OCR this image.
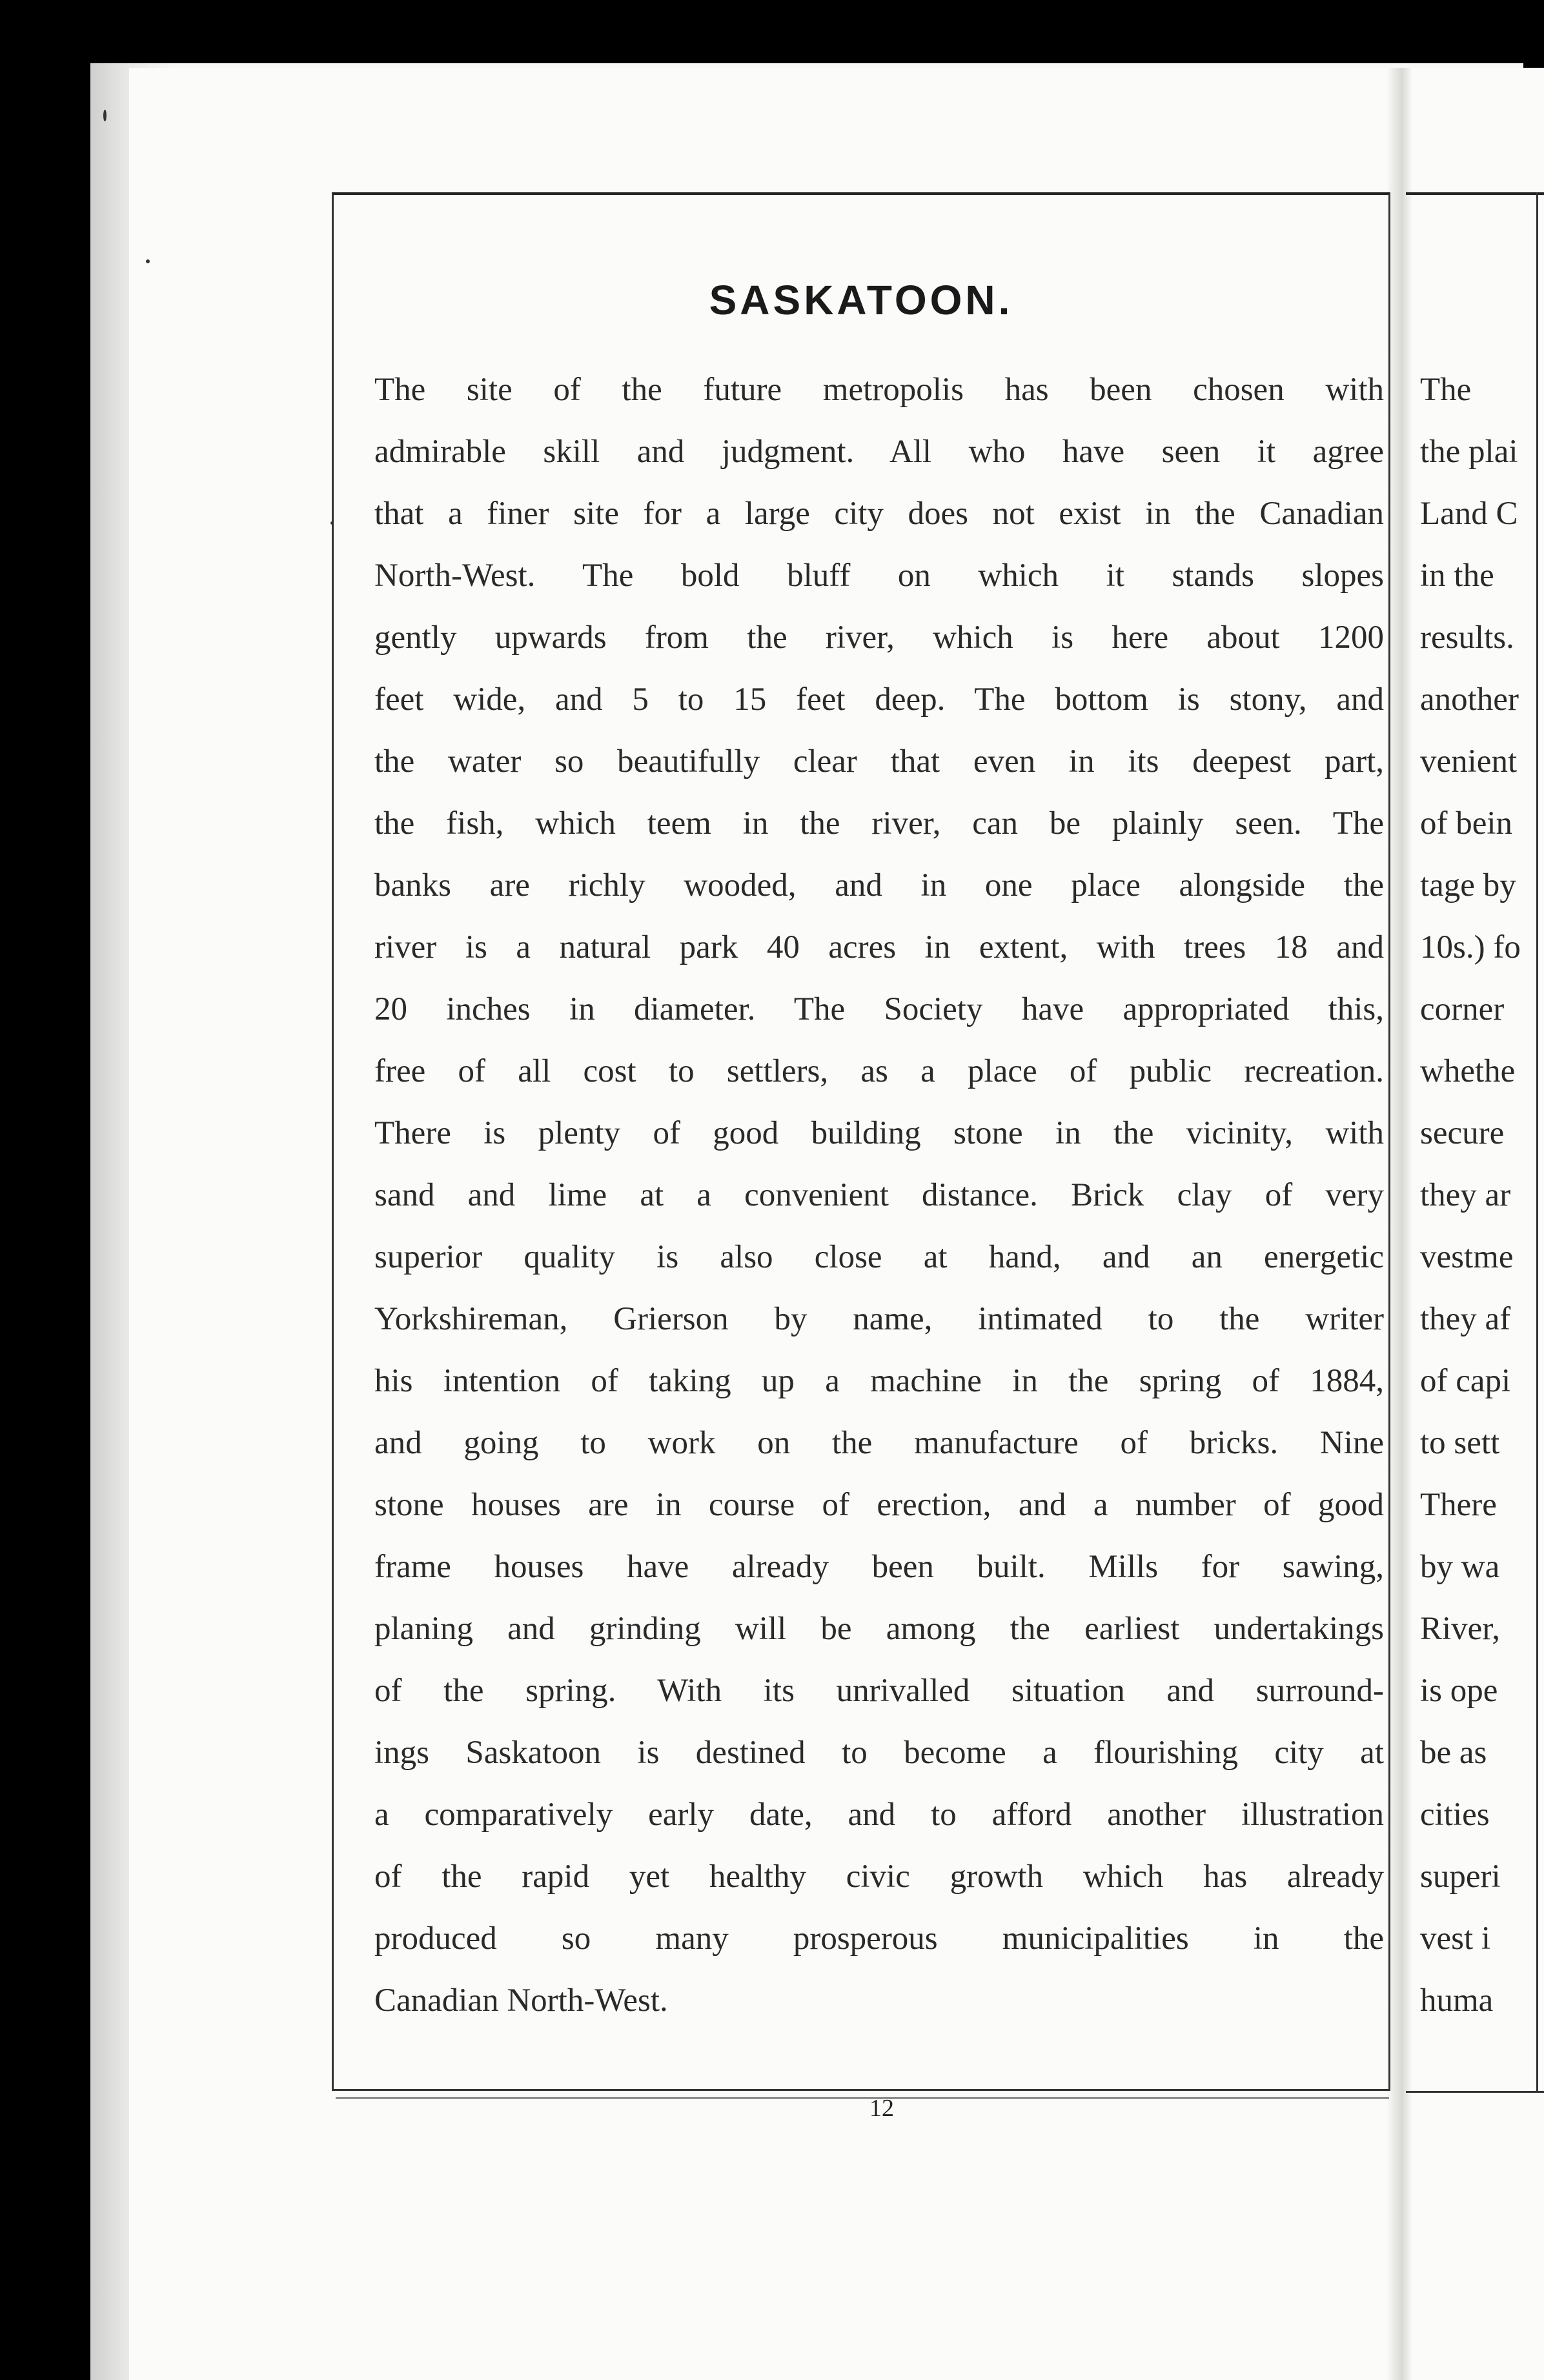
SASKATOON.
The site of the future metropolis has been chosen with
admirable skill and judgment. All who have seen it agree
that a finer site for a large city does not exist in the Canadian
North-West. The bold bluff on which it stands slopes
gently upwards from the river, which is here about 1200
feet wide, and 5 to 15 feet deep. The bottom is stony, and
the water so beautifully clear that even in its deepest part,
the fish, which teem in the river, can be plainly seen. The
banks are richly wooded, and in one place alongside the
river is a natural park 40 acres in extent, with trees 18 and
20 inches in diameter. The Society have appropriated this,
free of all cost to settlers, as a place of public recreation.
There is plenty of good building stone in the vicinity, with
sand and lime at a convenient distance. Brick clay of very
superior quality is also close at hand, and an energetic
Yorkshireman, Grierson by name, intimated to the writer
his intention of taking up a machine in the spring of 1884,
and going to work on the manufacture of bricks. Nine
stone houses are in course of erection, and a number of good
frame houses have already been built. Mills for sawing,
planing and grinding will be among the earliest undertakings
of the spring. With its unrivalled situation and surround-
ings Saskatoon is destined to become a flourishing city at
a comparatively early date, and to afford another illustration
of the rapid yet healthy civic growth which has already
produced so many prosperous municipalities in the
Canadian North-West.
12
The
the plai
Land C
in the
results.
another
venient
of bein
tage by
10s.) fo
corner
whethe
secure
they ar
vestme
they af
of capi
to sett
There
by wa
River,
is ope
be as
cities
superi
vest i
huma
